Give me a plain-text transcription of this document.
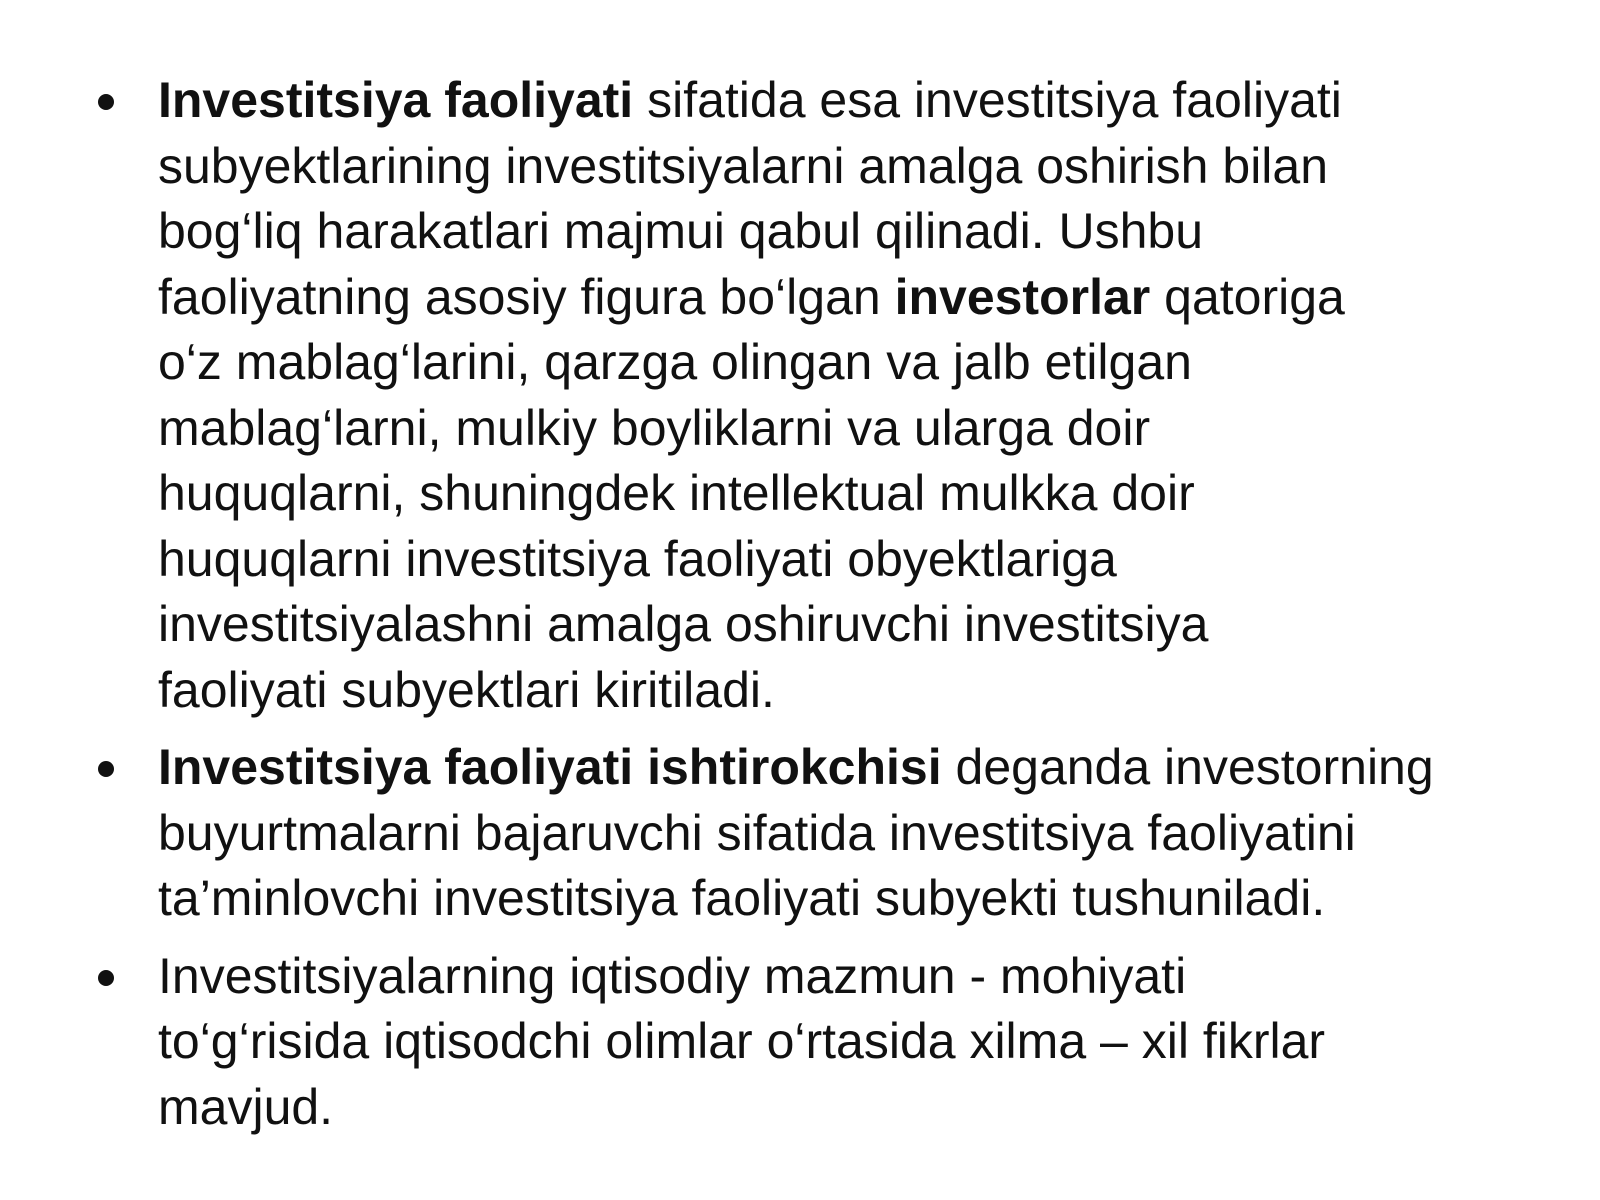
Investitsiya faoliyati sifatida esa investitsiya faoliyati
subyektlarining investitsiyalarni amalga oshirish bilan
bog‘liq harakatlari majmui qabul qilinadi. Ushbu
faoliyatning asosiy figura bo‘lgan investorlar qatoriga
o‘z mablag‘larini, qarzga olingan va jalb etilgan
mablag‘larni, mulkiy boyliklarni va ularga doir
huquqlarni, shuningdek intellektual mulkka doir
huquqlarni investitsiya faoliyati obyektlariga
investitsiyalashni amalga oshiruvchi investitsiya
faoliyati subyektlari kiritiladi.
Investitsiya faoliyati ishtirokchisi deganda investorning
buyurtmalarni bajaruvchi sifatida investitsiya faoliyatini
ta’minlovchi investitsiya faoliyati subyekti tushuniladi.
Investitsiyalarning iqtisodiy mazmun - mohiyati
to‘g‘risida iqtisodchi olimlar o‘rtasida xilma – xil fikrlar
mavjud.
